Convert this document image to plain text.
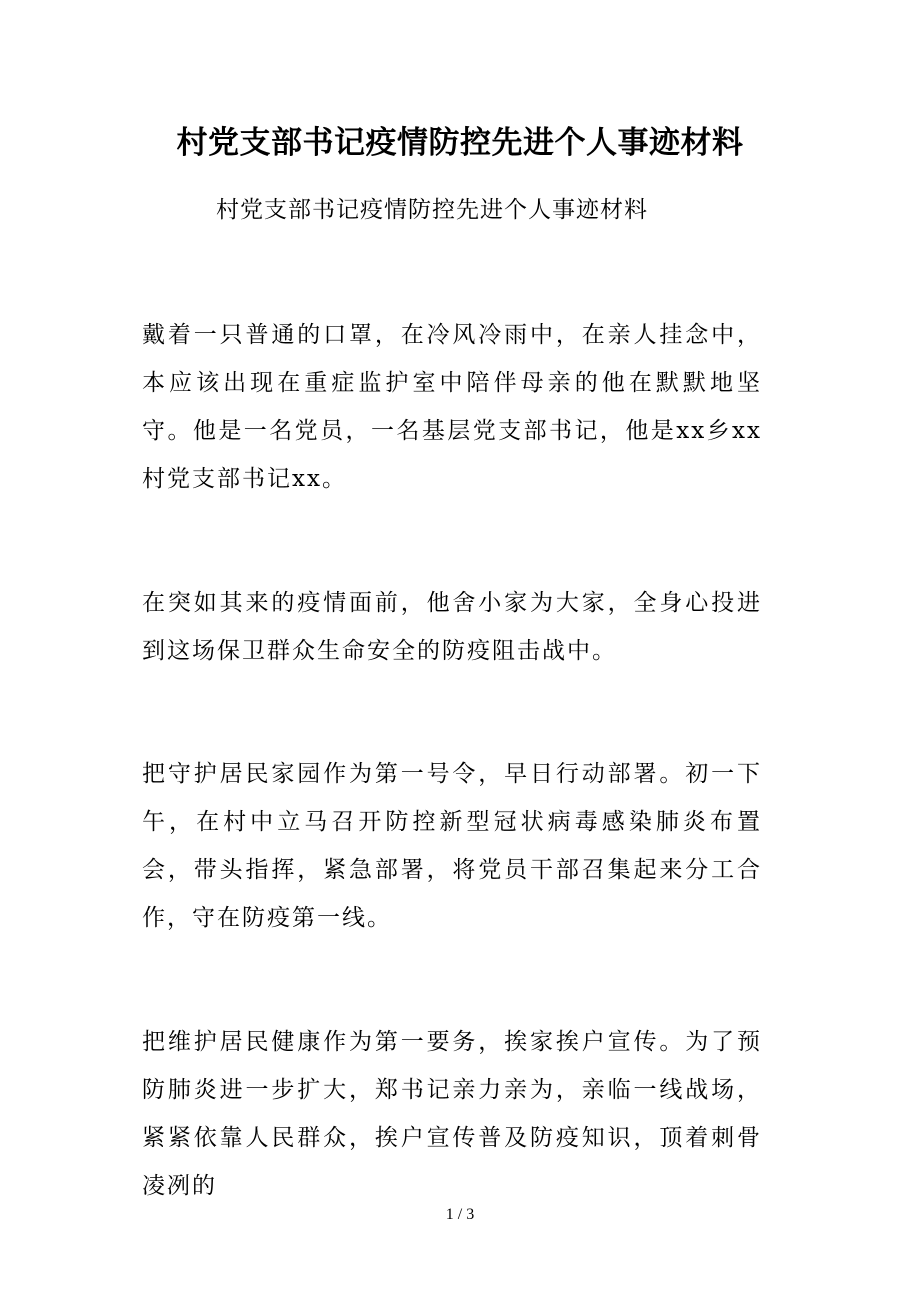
村党支部书记疫情防控先进个人事迹材料

村党支部书记疫情防控先进个人事迹材料

戴着一只普通的口罩，在冷风冷雨中，在亲人挂念中，本应该出现在重症监护室中陪伴母亲的他在默默地坚守。他是一名党员，一名基层党支部书记，他是xx乡xx村党支部书记xx。

在突如其来的疫情面前，他舍小家为大家，全身心投进到这场保卫群众生命安全的防疫阻击战中。

把守护居民家园作为第一号令，早日行动部署。初一下午，在村中立马召开防控新型冠状病毒感染肺炎布置会，带头指挥，紧急部署，将党员干部召集起来分工合作，守在防疫第一线。

把维护居民健康作为第一要务，挨家挨户宣传。为了预防肺炎进一步扩大，郑书记亲力亲为，亲临一线战场，紧紧依靠人民群众，挨户宣传普及防疫知识，顶着刺骨凌冽的

1 / 3
